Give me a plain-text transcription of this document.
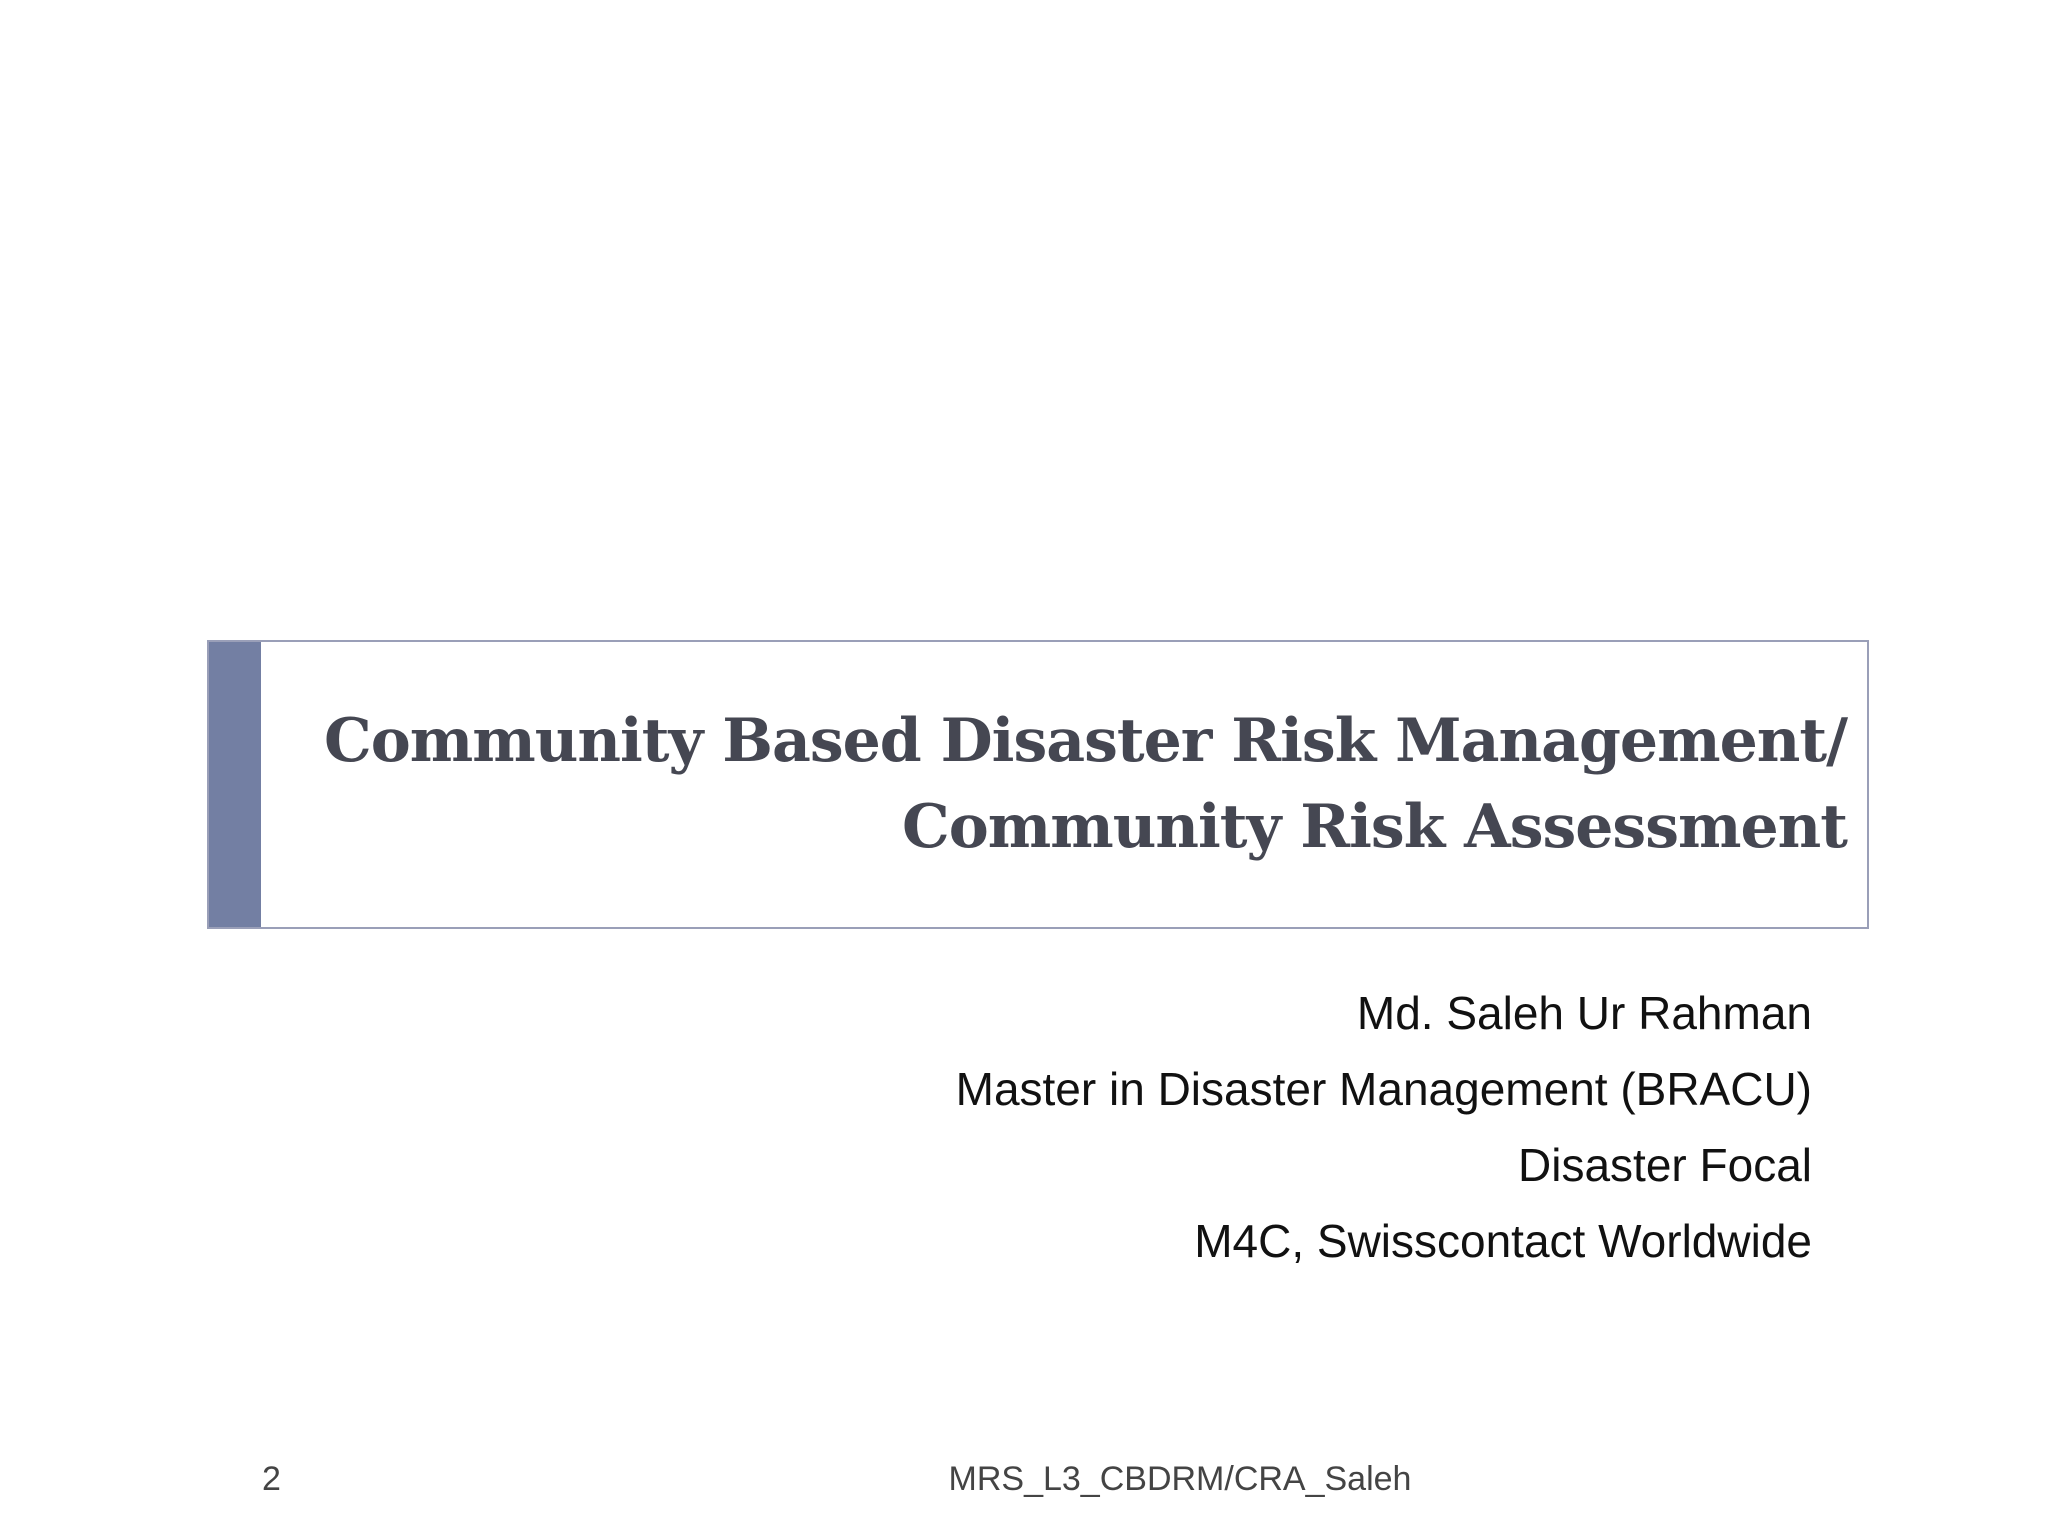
Community Based Disaster Risk Management/
Community Risk Assessment
Md. Saleh Ur Rahman
Master in Disaster Management (BRACU)
Disaster Focal
M4C, Swisscontact Worldwide
2	MRS_L3_CBDRM/CRA_Saleh
